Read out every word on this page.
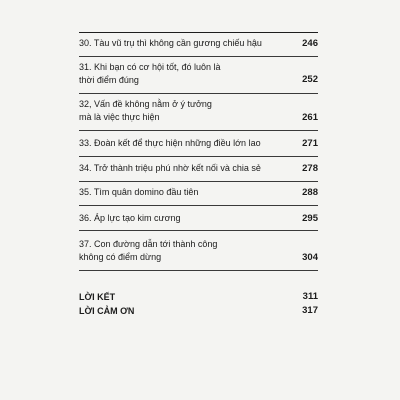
30. Tàu vũ trụ thì không cần gương chiếu hậu	246
31. Khi bạn có cơ hội tốt, đó luôn là
thời điểm đúng	252
32, Vấn đề không nằm ở ý tưởng
mà là việc thực hiện	261
33. Đoàn kết để thực hiện những điều lớn lao	271
34. Trở thành triệu phú nhờ kết nối và chia sẻ	278
35. Tìm quân domino đầu tiên	288
36. Áp lực tạo kim cương	295
37. Con đường dẫn tới thành công
không có điểm dừng	304
LỜI KẾT	311
LỜI CẢM ƠN	317
